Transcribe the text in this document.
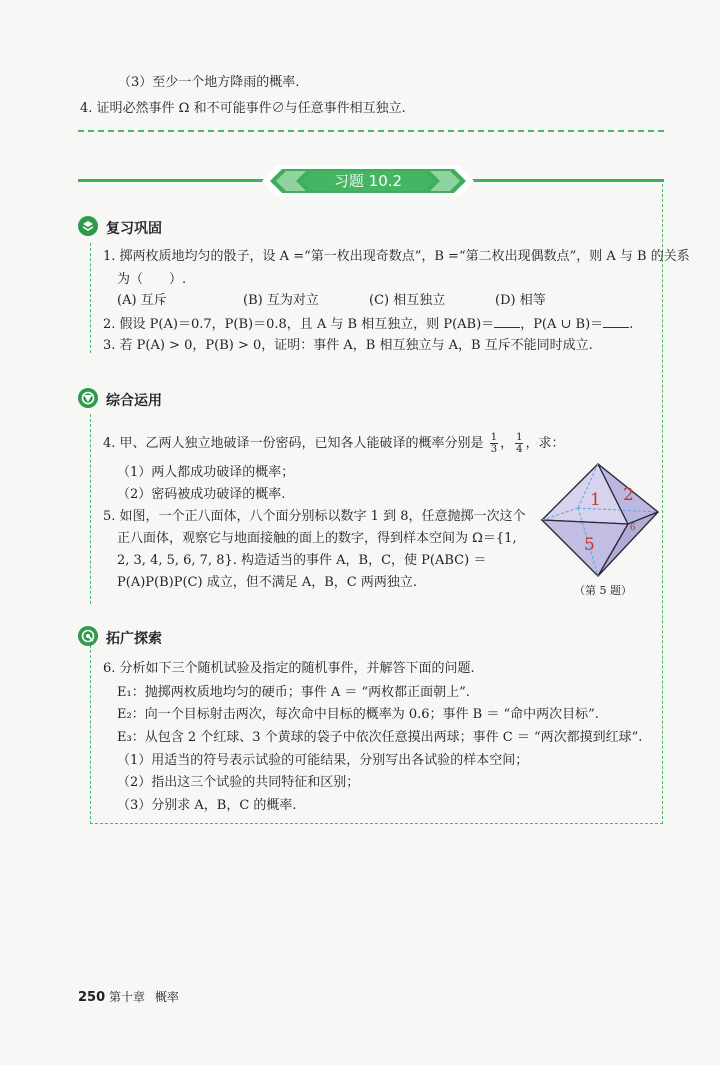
（3）至少一个地方降雨的概率.
4. 证明必然事件 Ω 和不可能事件∅与任意事件相互独立.
习题 10.2
复习巩固
1. 掷两枚质地均匀的骰子，设 A =“第一枚出现奇数点”，B =“第二枚出现偶数点”，则 A 与 B 的关系
为（　　）.
(A) 互斥	(B) 互为对立	(C) 相互独立	(D) 相等
2. 假设 P(A)＝0.7，P(B)＝0.8，且 A 与 B 相互独立，则 P(AB)＝ ，P(A ∪ B)＝ .
3. 若 P(A) > 0，P(B) > 0，证明：事件 A，B 相互独立与 A，B 互斥不能同时成立.
综合运用
4. 甲、乙两人独立地破译一份密码，已知各人能破译的概率分别是 $\frac{1}{3}$ ， $\frac{1}{4}$ ，求：
（1）两人都成功破译的概率；
（2）密码被成功破译的概率.
5. 如图，一个正八面体，八个面分别标以数字 1 到 8，任意抛掷一次这个
正八面体，观察它与地面接触的面上的数字，得到样本空间为 Ω＝{1,
2, 3, 4, 5, 6, 7, 8}. 构造适当的事件 A，B，C，使 P(ABC) ＝
P(A)P(B)P(C) 成立，但不满足 A，B，C 两两独立.
1 2
6
5
（第 5 题）
拓广探索
6. 分析如下三个随机试验及指定的随机事件，并解答下面的问题.
E₁：抛掷两枚质地均匀的硬币；事件 A ＝ “两枚都正面朝上”.
E₂：向一个目标射击两次，每次命中目标的概率为 0.6；事件 B ＝ “命中两次目标”.
E₃：从包含 2 个红球、3 个黄球的袋子中依次任意摸出两球；事件 C ＝ “两次都摸到红球”.
（1）用适当的符号表示试验的可能结果，分别写出各试验的样本空间；
（2）指出这三个试验的共同特征和区别；
（3）分别求 A，B，C 的概率.
250 第十章 概率
